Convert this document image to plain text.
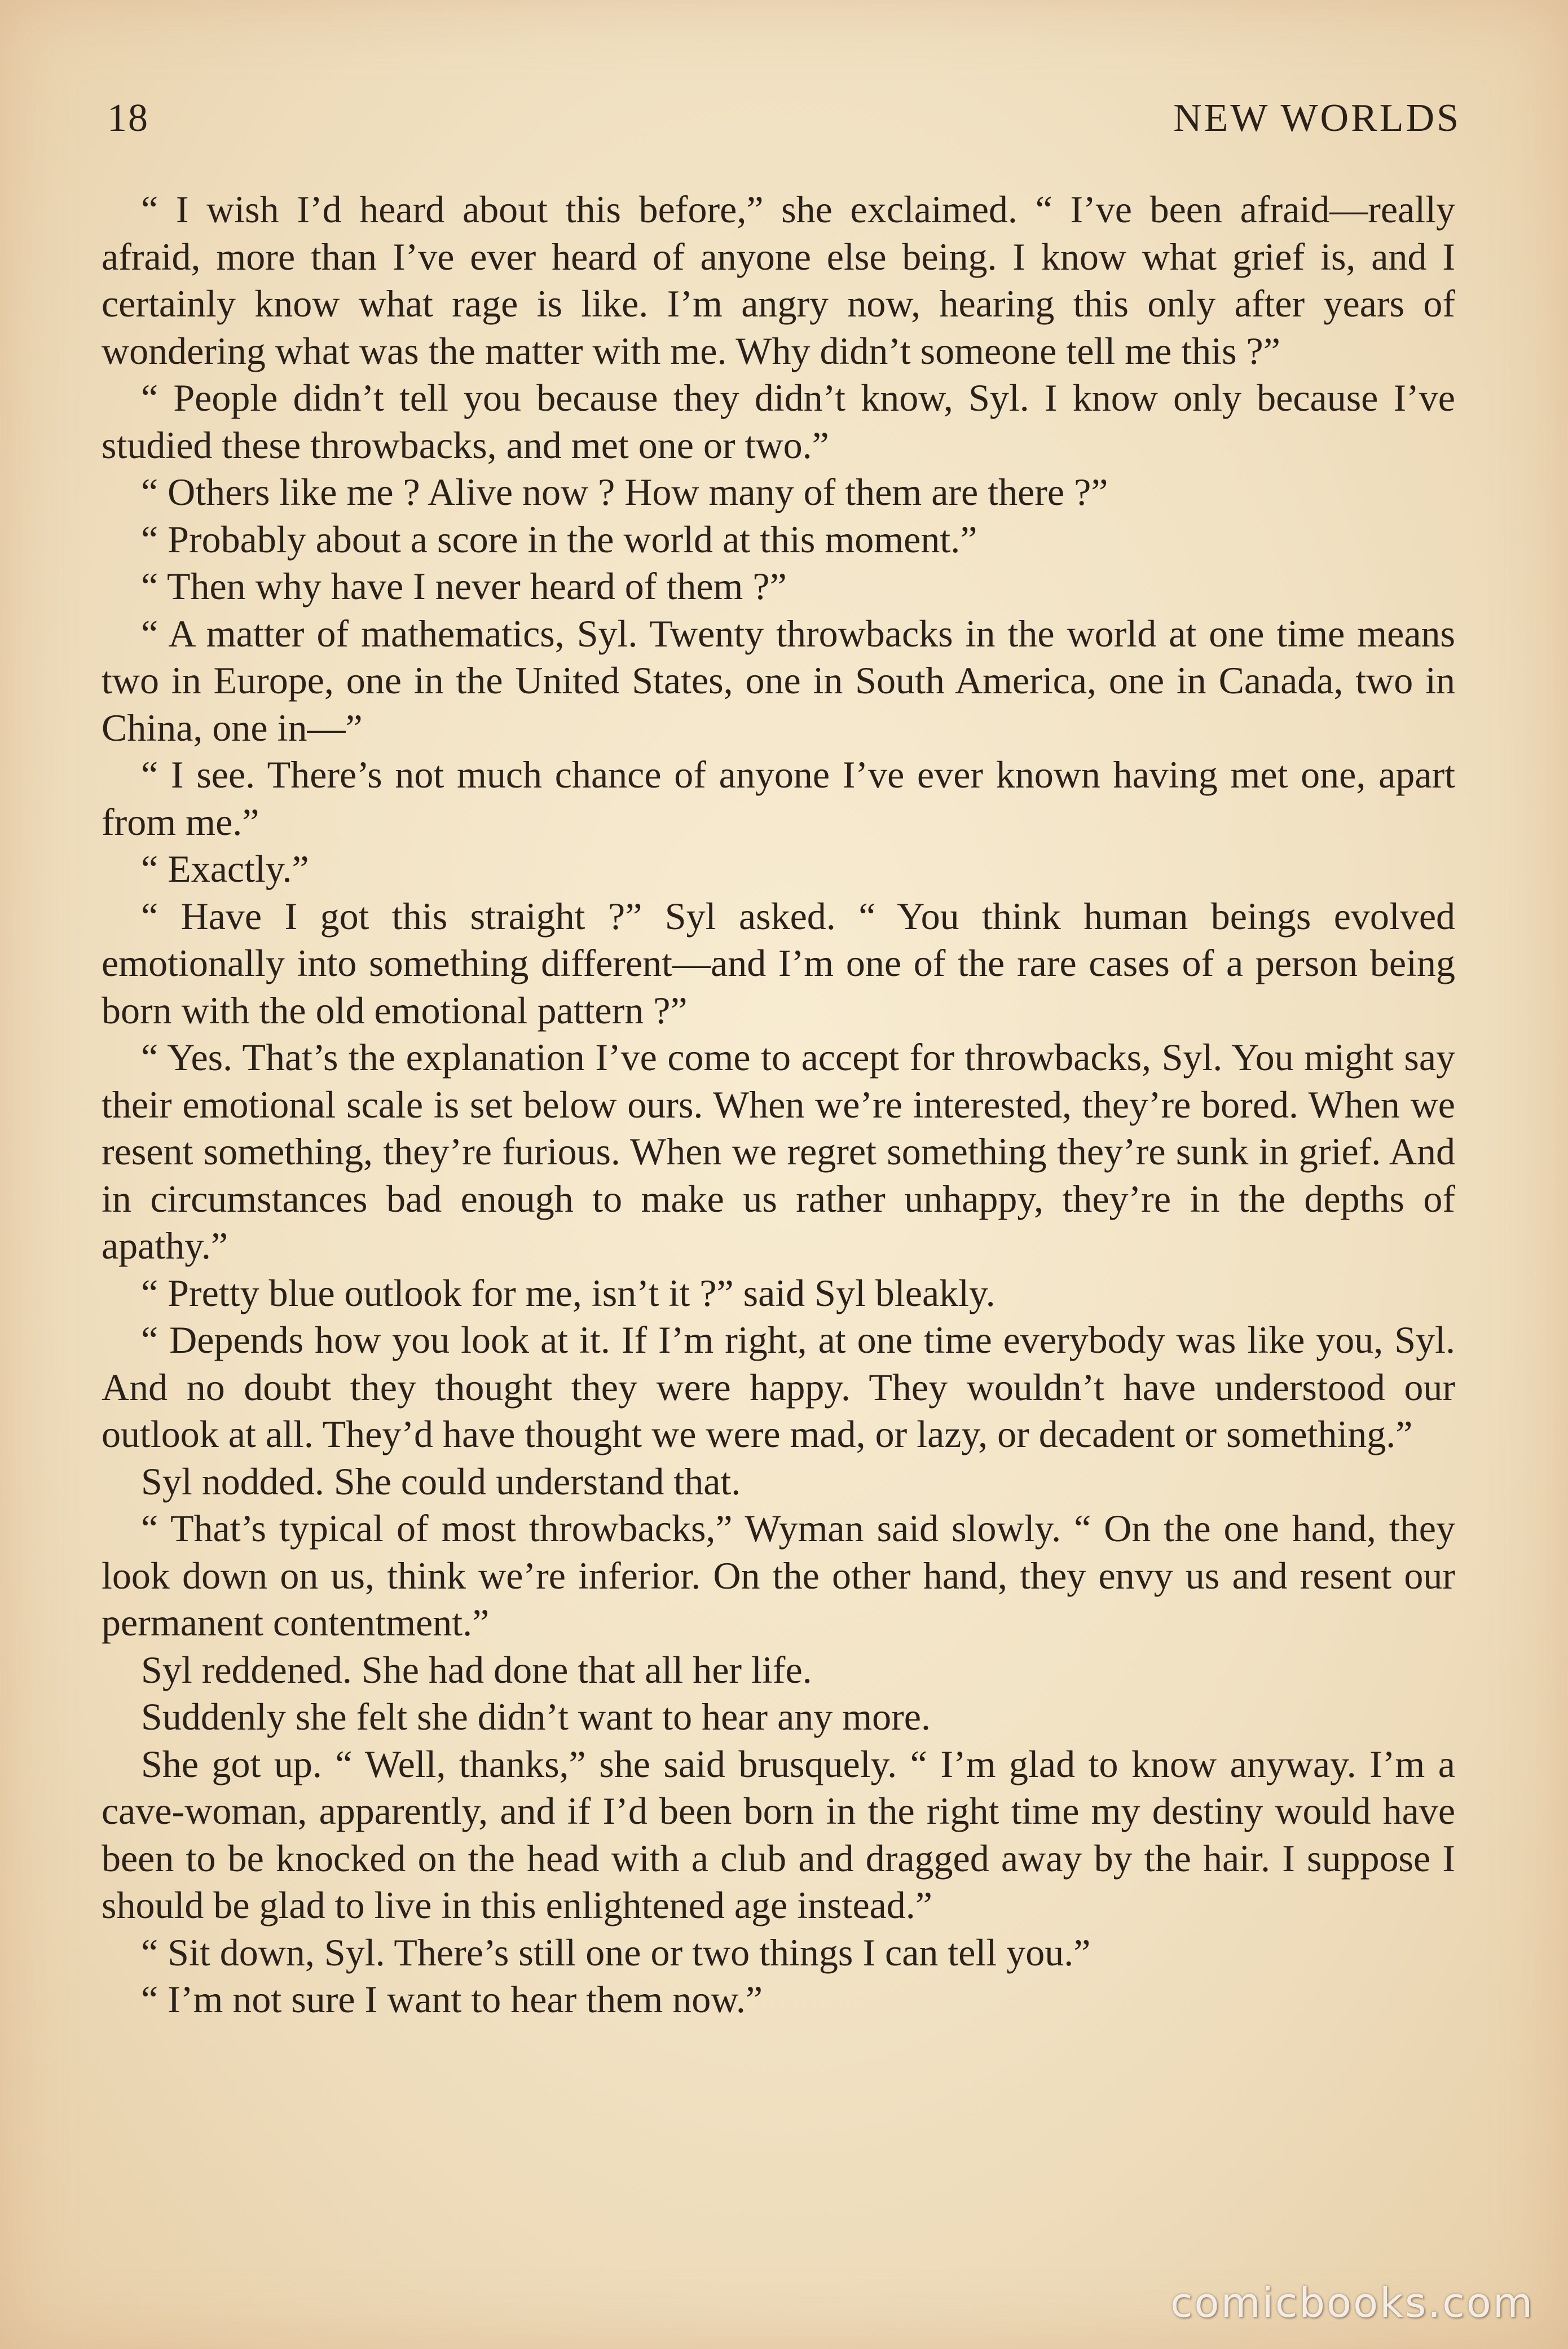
18	NEW WORLDS

“ I wish I’d heard about this before,” she exclaimed. “ I’ve been afraid—really afraid, more than I’ve ever heard of anyone else being. I know what grief is, and I certainly know what rage is like. I’m angry now, hearing this only after years of wondering what was the matter with me. Why didn’t someone tell me this ?”

“ People didn’t tell you because they didn’t know, Syl. I know only because I’ve studied these throwbacks, and met one or two.”

“ Others like me ? Alive now ? How many of them are there ?”

“ Probably about a score in the world at this moment.”

“ Then why have I never heard of them ?”

“ A matter of mathematics, Syl. Twenty throwbacks in the world at one time means two in Europe, one in the United States, one in South America, one in Canada, two in China, one in—”

“ I see. There’s not much chance of anyone I’ve ever known having met one, apart from me.”

“ Exactly.”

“ Have I got this straight ?” Syl asked. “ You think human beings evolved emotionally into something different—and I’m one of the rare cases of a person being born with the old emotional pattern ?”

“ Yes. That’s the explanation I’ve come to accept for throwbacks, Syl. You might say their emotional scale is set below ours. When we’re interested, they’re bored. When we resent something, they’re furious. When we regret something they’re sunk in grief. And in circumstances bad enough to make us rather unhappy, they’re in the depths of apathy.”

“ Pretty blue outlook for me, isn’t it ?” said Syl bleakly.

“ Depends how you look at it. If I’m right, at one time everybody was like you, Syl. And no doubt they thought they were happy. They wouldn’t have understood our outlook at all. They’d have thought we were mad, or lazy, or decadent or something.”

Syl nodded. She could understand that.

“ That’s typical of most throwbacks,” Wyman said slowly. “ On the one hand, they look down on us, think we’re inferior. On the other hand, they envy us and resent our permanent contentment.”

Syl reddened. She had done that all her life.

Suddenly she felt she didn’t want to hear any more.

She got up. “ Well, thanks,” she said brusquely. “ I’m glad to know anyway. I’m a cave-woman, apparently, and if I’d been born in the right time my destiny would have been to be knocked on the head with a club and dragged away by the hair. I suppose I should be glad to live in this enlightened age instead.”

“ Sit down, Syl. There’s still one or two things I can tell you.”

“ I’m not sure I want to hear them now.”

comicbooks.com
